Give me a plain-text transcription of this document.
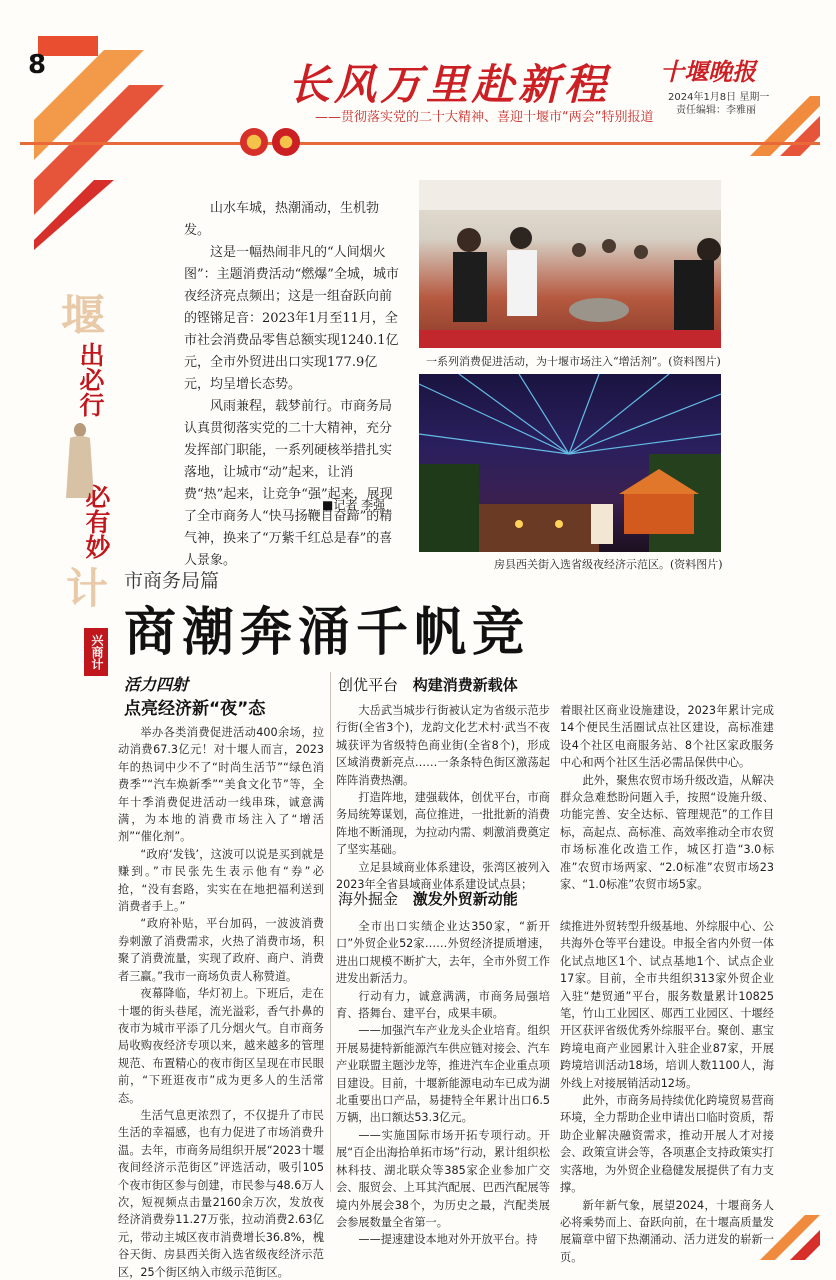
8	长风万里赴新程
——贯彻落实党的二十大精神、喜迎十堰市“两会”特别报道
十堰晚报
2024年1月8日 星期一
责任编辑：李雅丽
堰
出必行
必有妙
计
兴商计

山水车城，热潮涌动，生机勃发。

这是一幅热闹非凡的“人间烟火图”：主题消费活动“燃爆”全城，城市夜经济亮点频出；这是一组奋跃向前的铿锵足音：2023年1月至11月，全市社会消费品零售总额实现1240.1亿元，全市外贸进出口实现177.9亿元，均呈增长态势。

风雨兼程，载梦前行。市商务局认真贯彻落实党的二十大精神，充分发挥部门职能，一系列硬核举措扎实落地，让城市“动”起来，让消费“热”起来，让竞争“强”起来，展现了全市商务人“快马扬鞭自奋蹄”的精气神，换来了“万紫千红总是春”的喜人景象。

■记者 李强
一系列消费促进活动，为十堰市场注入“增活剂”。(资料图片)
房县西关街入选省级夜经济示范区。(资料图片)
市商务局篇
商潮奔涌千帆竞
活力四射
点亮经济新“夜”态

举办各类消费促进活动400余场，拉动消费67.3亿元！对十堰人而言，2023年的热词中少不了“时尚生活节”“绿色消费季”“汽车焕新季”“美食文化节”等，全年十季消费促进活动一线串珠，诚意满满，为本地的消费市场注入了“增活剂”“催化剂”。

“政府‘发钱’，这波可以说是买到就是赚到。”市民张先生表示他有“券”必抢，“没有套路，实实在在地把福利送到消费者手上。”

“政府补贴，平台加码，一波波消费券刺激了消费需求，火热了消费市场，积聚了消费流量，实现了政府、商户、消费者三赢。”我市一商场负责人称赞道。

夜幕降临，华灯初上。下班后，走在十堰的街头巷尾，流光溢彩，香气扑鼻的夜市为城市平添了几分烟火气。自市商务局收购夜经济专项以来，越来越多的管理规范、布置精心的夜市街区呈现在市民眼前，“下班逛夜市”成为更多人的生活常态。

生活气息更浓烈了，不仅提升了市民生活的幸福感，也有力促进了市场消费升温。去年，市商务局组织开展“2023十堰夜间经济示范街区”评选活动，吸引105个夜市街区参与创建，市民参与48.6万人次，短视频点击量2160余万次，发放夜经济消费券11.27万张，拉动消费2.63亿元，带动主城区夜市消费增长36.8%，槐谷天街、房县西关街入选省级夜经济示范区，25个街区纳入市级示范街区。

创优平台 构建消费新载体

大岳武当城步行街被认定为省级示范步行街(全省3个)，龙韵文化艺术村·武当不夜城获评为省级特色商业街(全省8个)，形成区域消费新亮点……一条条特色街区激荡起阵阵消费热潮。

打造阵地，建强载体，创优平台，市商务局统筹谋划，高位推进，一批批新的消费阵地不断涌现，为拉动内需、刺激消费奠定了坚实基础。

立足县域商业体系建设，张湾区被列入2023年全省县域商业体系建设试点县；

着眼社区商业设施建设，2023年累计完成14个便民生活圈试点社区建设，高标准建设4个社区电商服务站、8个社区家政服务中心和两个社区生活必需品保供中心。

此外，聚焦农贸市场升级改造，从解决群众急难愁盼问题入手，按照“设施升级、功能完善、安全达标、管理规范”的工作目标，高起点、高标准、高效率推动全市农贸市场标准化改造工作，城区打造“3.0标准”农贸市场两家、“2.0标准”农贸市场23家、“1.0标准”农贸市场5家。

海外掘金 激发外贸新动能

全市出口实绩企业达350家，“新开口”外贸企业52家……外贸经济提质增速，进出口规模不断扩大，去年，全市外贸工作进发出新活力。

行动有力，诚意满满，市商务局强培育、搭舞台、建平台，成果丰硕。

——加强汽车产业龙头企业培育。组织开展易捷特新能源汽车供应链对接会、汽车产业联盟主题沙龙等，推进汽车企业重点项目建设。目前，十堰新能源电动车已成为湖北重要出口产品，易捷特全年累计出口6.5万辆，出口额达53.3亿元。

——实施国际市场开拓专项行动。开展“百企出海拾单拓市场”行动，累计组织松林科技、湖北联众等385家企业参加广交会、服贸会、上耳其汽配展、巴西汽配展等境内外展会38个，为历史之最，汽配类展会参展数量全省第一。

——提速建设本地对外开放平台。持

续推进外贸转型升级基地、外综服中心、公共海外仓等平台建设。申报全省内外贸一体化试点地区1个、试点基地1个、试点企业17家。目前，全市共组织313家外贸企业入驻“楚贸通”平台，服务数量累计10825笔，竹山工业园区、郧西工业园区、十堰经开区获评省级优秀外综服平台。聚创、惠宝跨境电商产业园累计入驻企业87家，开展跨境培训活动18场，培训人数1100人，海外线上对接展销活动12场。

此外，市商务局持续优化跨境贸易营商环境，全力帮助企业申请出口临时资质，帮助企业解决融资需求，推动开展人才对接会、政策宣讲会等，各项惠企支持政策实打实落地，为外贸企业稳健发展提供了有力支撑。

新年新气象，展望2024，十堰商务人必将乘势而上、奋跃向前，在十堰高质量发展篇章中留下热潮涌动、活力迸发的崭新一页。
